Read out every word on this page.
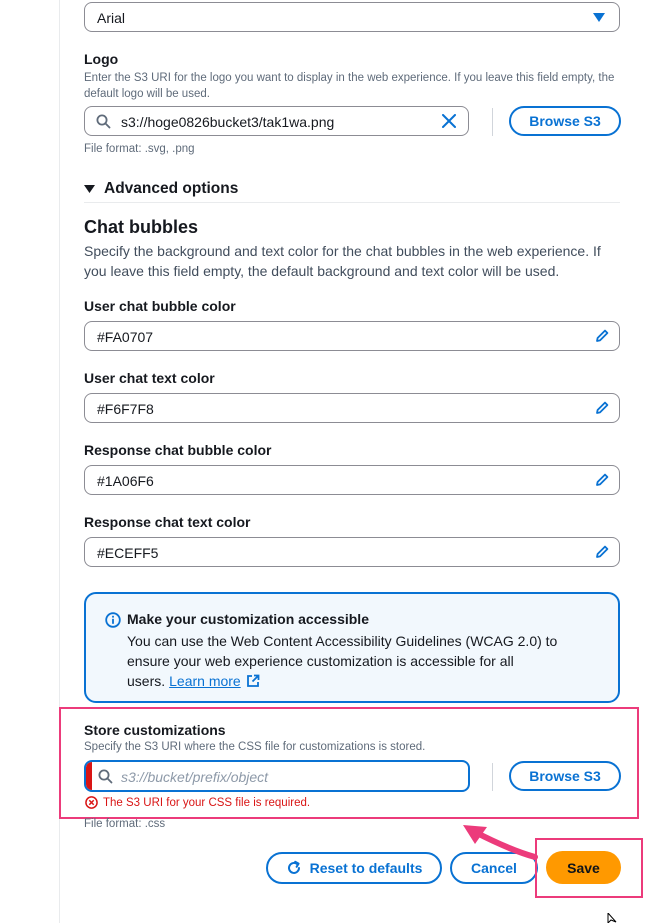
Arial
Logo
Enter the S3 URI for the logo you want to display in the web experience. If you leave this field empty, the default logo will be used.
s3://hoge0826bucket3/tak1wa.png	Browse S3
File format: .svg, .png
Advanced options
Chat bubbles
Specify the background and text color for the chat bubbles in the web experience. If you leave this field empty, the default background and text color will be used.
User chat bubble color
#FA0707
User chat text color
#F6F7F8
Response chat bubble color
#1A06F6
Response chat text color
#ECEFF5
Make your customization accessible
You can use the Web Content Accessibility Guidelines (WCAG 2.0) to
ensure your web experience customization is accessible for all
users. Learn more
Store customizations
Specify the S3 URI where the CSS file for customizations is stored.
s3://bucket/prefix/object	Browse S3
The S3 URI for your CSS file is required.
File format: .css
Reset to defaults	Cancel	Save
